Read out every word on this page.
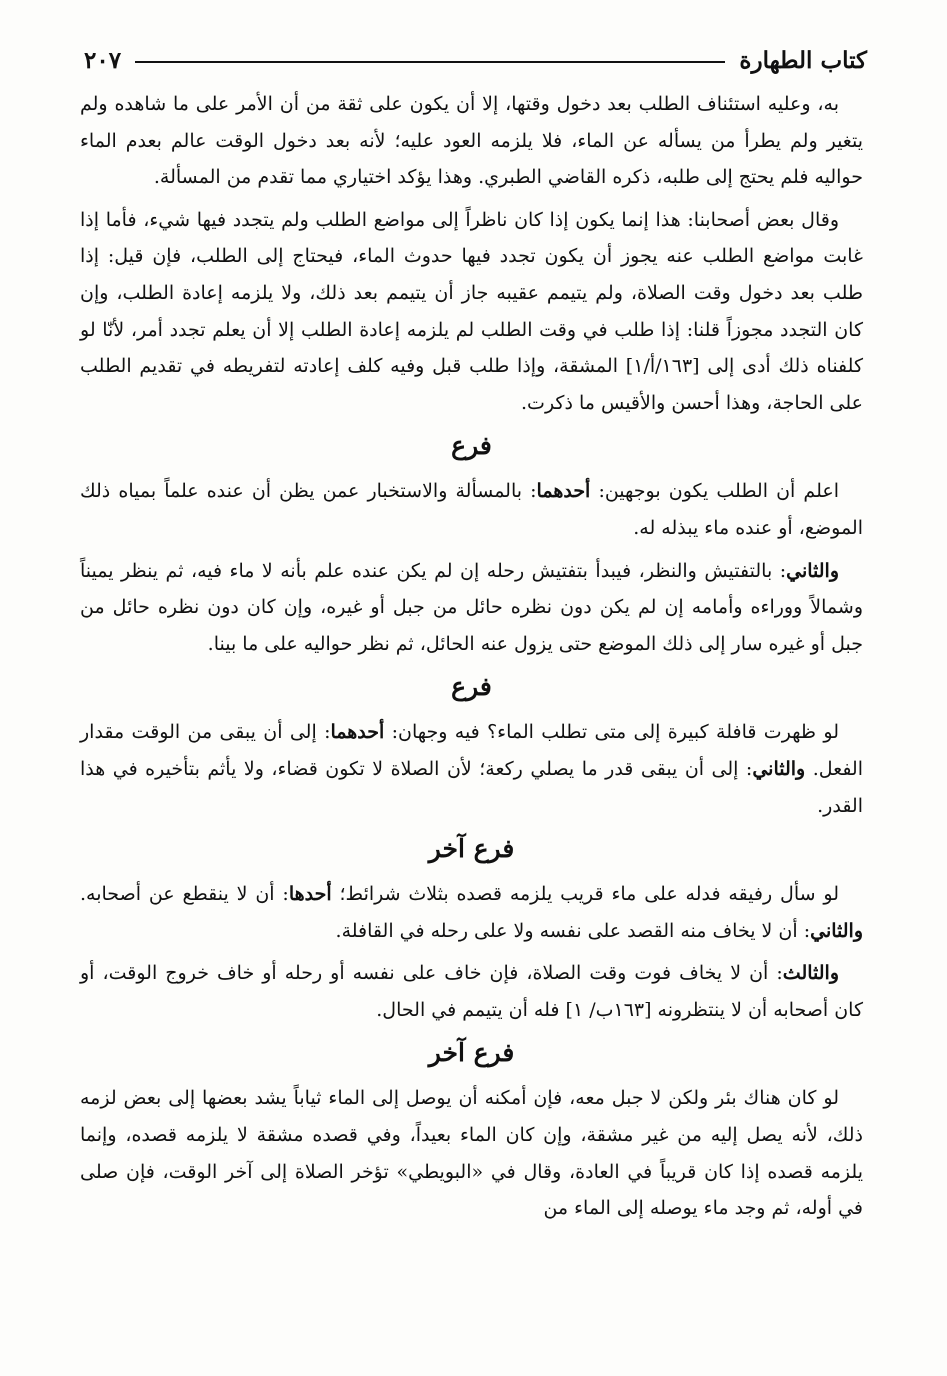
كتاب الطهارة
٢٠٧

به، وعليه استئناف الطلب بعد دخول وقتها، إلا أن يكون على ثقة من أن الأمر على ما شاهده ولم يتغير ولم يطرأ من يسأله عن الماء، فلا يلزمه العود عليه؛ لأنه بعد دخول الوقت عالم بعدم الماء حواليه فلم يحتج إلى طلبه، ذكره القاضي الطبري. وهذا يؤكد اختياري مما تقدم من المسألة.

وقال بعض أصحابنا: هذا إنما يكون إذا كان ناظراً إلى مواضع الطلب ولم يتجدد فيها شيء، فأما إذا غابت مواضع الطلب عنه يجوز أن يكون تجدد فيها حدوث الماء، فيحتاج إلى الطلب، فإن قيل: إذا طلب بعد دخول وقت الصلاة، ولم يتيمم عقيبه جاز أن يتيمم بعد ذلك، ولا يلزمه إعادة الطلب، وإن كان التجدد مجوزاً قلنا: إذا طلب في وقت الطلب لم يلزمه إعادة الطلب إلا أن يعلم تجدد أمر، لأنّا لو كلفناه ذلك أدى إلى [١٦٣/أ/١] المشقة، وإذا طلب قبل وفيه كلف إعادته لتفريطه في تقديم الطلب على الحاجة، وهذا أحسن والأقيس ما ذكرت.

فرع

اعلم أن الطلب يكون بوجهين: أحدهما: بالمسألة والاستخبار عمن يظن أن عنده علماً بمياه ذلك الموضع، أو عنده ماء يبذله له.

والثاني: بالتفتيش والنظر، فيبدأ بتفتيش رحله إن لم يكن عنده علم بأنه لا ماء فيه، ثم ينظر يميناً وشمالاً ووراءه وأمامه إن لم يكن دون نظره حائل من جبل أو غيره، وإن كان دون نظره حائل من جبل أو غيره سار إلى ذلك الموضع حتى يزول عنه الحائل، ثم نظر حواليه على ما بينا.

فرع

لو ظهرت قافلة كبيرة إلى متى تطلب الماء؟ فيه وجهان: أحدهما: إلى أن يبقى من الوقت مقدار الفعل. والثاني: إلى أن يبقى قدر ما يصلي ركعة؛ لأن الصلاة لا تكون قضاء، ولا يأثم بتأخيره في هذا القدر.

فرع آخر

لو سأل رفيقه فدله على ماء قريب يلزمه قصده بثلاث شرائط؛ أحدها: أن لا ينقطع عن أصحابه. والثاني: أن لا يخاف منه القصد على نفسه ولا على رحله في القافلة.

والثالث: أن لا يخاف فوت وقت الصلاة، فإن خاف على نفسه أو رحله أو خاف خروج الوقت، أو كان أصحابه أن لا ينتظرونه [١٦٣ب/ ١] فله أن يتيمم في الحال.

فرع آخر

لو كان هناك بئر ولكن لا جبل معه، فإن أمكنه أن يوصل إلى الماء ثياباً يشد بعضها إلى بعض لزمه ذلك، لأنه يصل إليه من غير مشقة، وإن كان الماء بعيداً، وفي قصده مشقة لا يلزمه قصده، وإنما يلزمه قصده إذا كان قريباً في العادة، وقال في «البويطي» تؤخر الصلاة إلى آخر الوقت، فإن صلى في أوله، ثم وجد ماء يوصله إلى الماء من
